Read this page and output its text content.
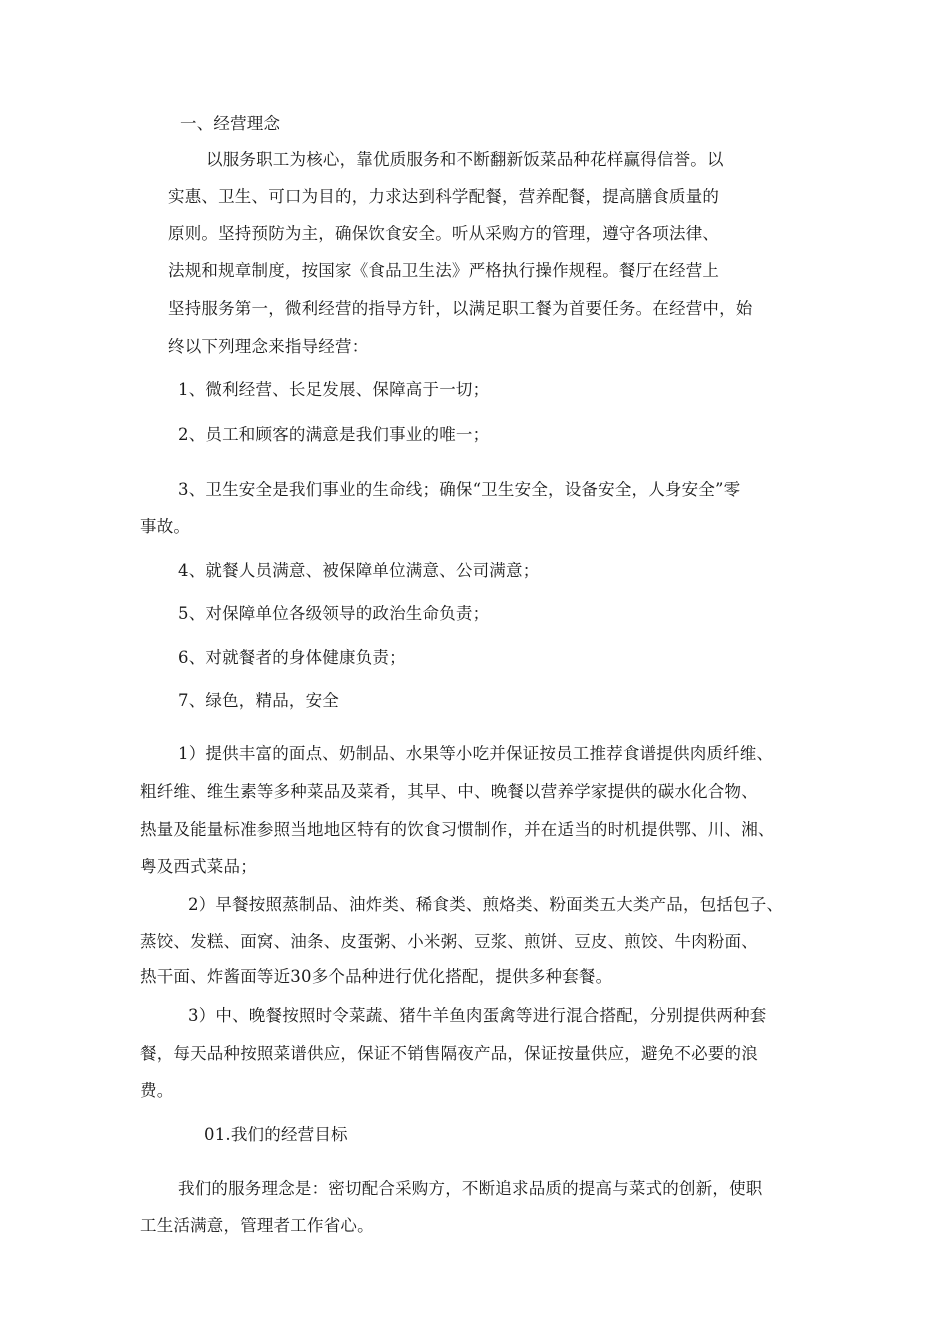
一、经营理念
以服务职工为核心，靠优质服务和不断翻新饭菜品种花样赢得信誉。以
实惠、卫生、可口为目的，力求达到科学配餐，营养配餐，提高膳食质量的
原则。坚持预防为主，确保饮食安全。听从采购方的管理，遵守各项法律、
法规和规章制度，按国家《食品卫生法》严格执行操作规程。餐厅在经营上
坚持服务第一，微利经营的指导方针，以满足职工餐为首要任务。在经营中，始
终以下列理念来指导经营：
1、微利经营、长足发展、保障高于一切；
2、员工和顾客的满意是我们事业的唯一；
3、卫生安全是我们事业的生命线；确保“卫生安全，设备安全，人身安全”零
事故。
4、就餐人员满意、被保障单位满意、公司满意；
5、对保障单位各级领导的政治生命负责；
6、对就餐者的身体健康负责；
7、绿色，精品，安全
1）提供丰富的面点、奶制品、水果等小吃并保证按员工推荐食谱提供肉质纤维、
粗纤维、维生素等多种菜品及菜肴，其早、中、晚餐以营养学家提供的碳水化合物、
热量及能量标准参照当地地区特有的饮食习惯制作，并在适当的时机提供鄂、川、湘、
粤及西式菜品；
2）早餐按照蒸制品、油炸类、稀食类、煎烙类、粉面类五大类产品，包括包子、
蒸饺、发糕、面窝、油条、皮蛋粥、小米粥、豆浆、煎饼、豆皮、煎饺、牛肉粉面、
热干面、炸酱面等近30多个品种进行优化搭配，提供多种套餐。
3）中、晚餐按照时令菜蔬、猪牛羊鱼肉蛋禽等进行混合搭配，分别提供两种套
餐，每天品种按照菜谱供应，保证不销售隔夜产品，保证按量供应，避免不必要的浪
费。
01.我们的经营目标
我们的服务理念是：密切配合采购方，不断追求品质的提高与菜式的创新，使职
工生活满意，管理者工作省心。
